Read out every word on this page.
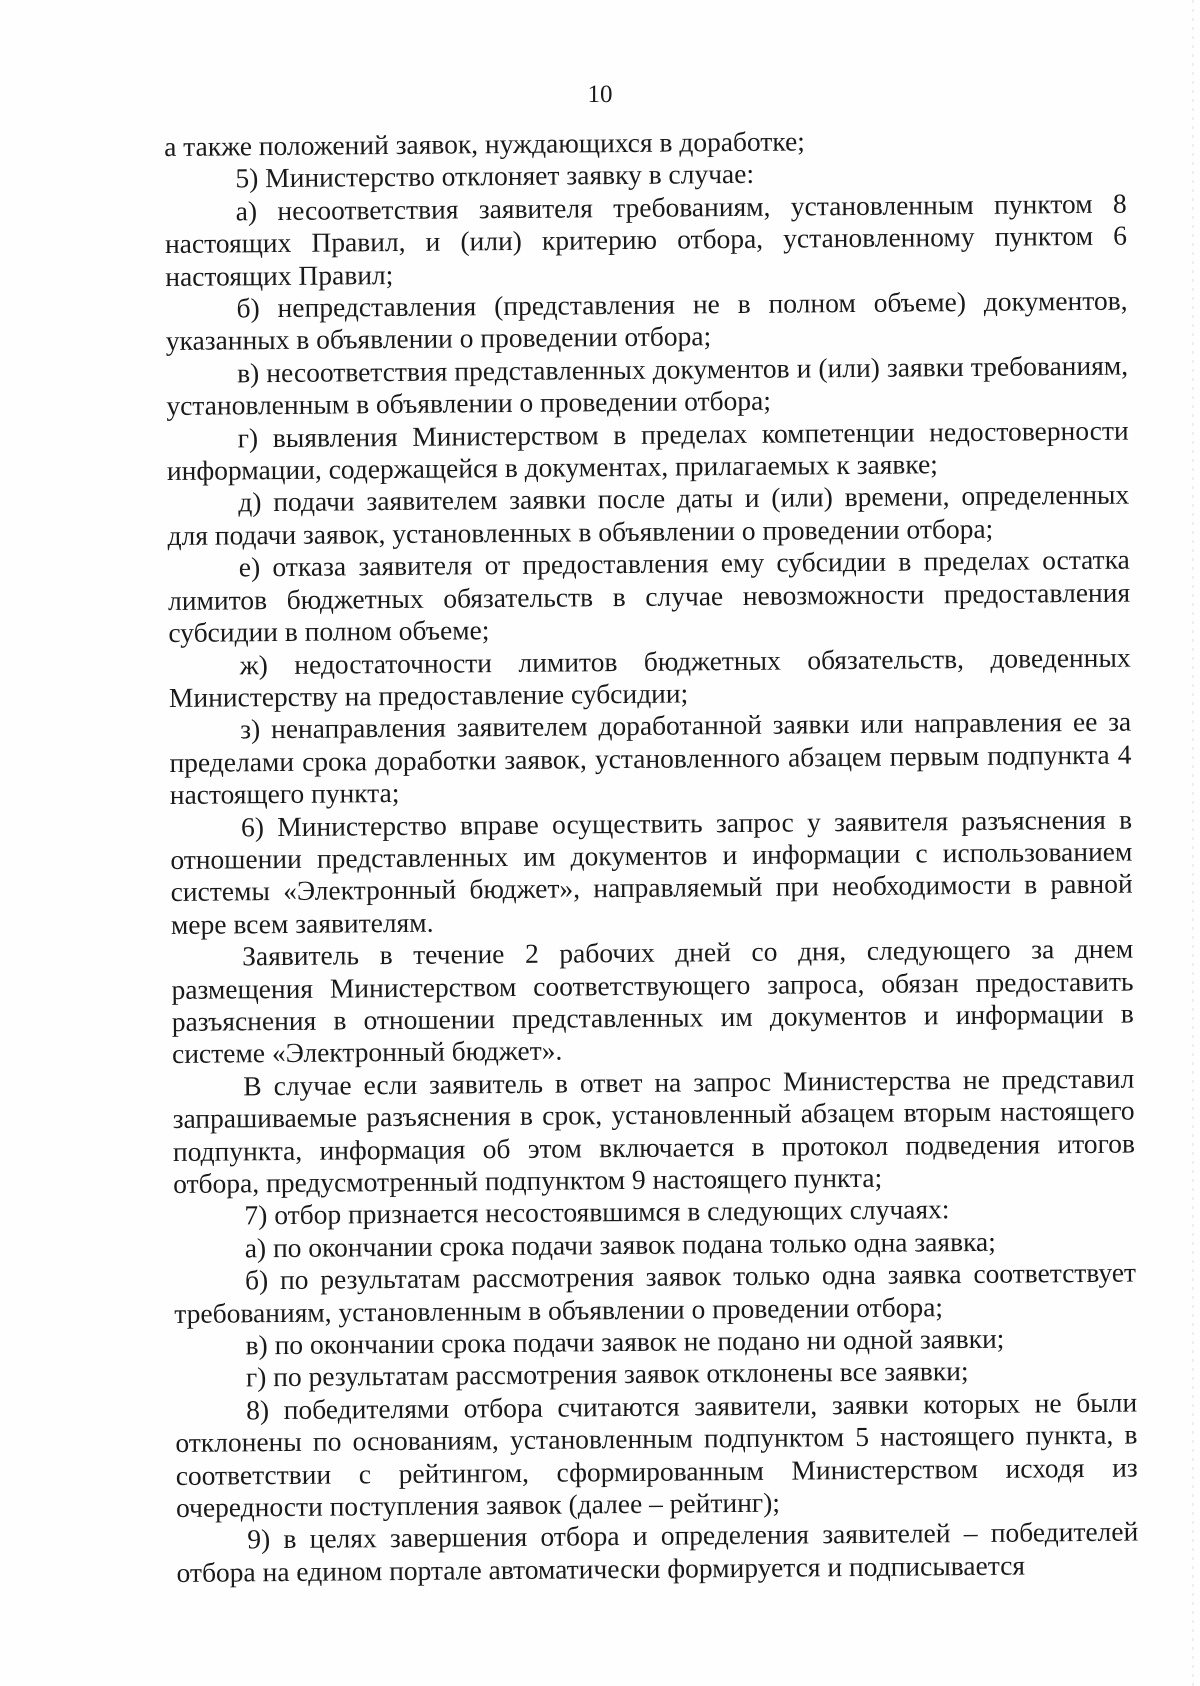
10

а также положений заявок, нуждающихся в доработке;

5) Министерство отклоняет заявку в случае:

а) несоответствия заявителя требованиям, установленным пунктом 8 настоящих Правил, и (или) критерию отбора, установленному пунктом 6 настоящих Правил;

б) непредставления (представления не в полном объеме) документов, указанных в объявлении о проведении отбора;

в) несоответствия представленных документов и (или) заявки требованиям, установленным в объявлении о проведении отбора;

г) выявления Министерством в пределах компетенции недостоверности информации, содержащейся в документах, прилагаемых к заявке;

д) подачи заявителем заявки после даты и (или) времени, определенных для подачи заявок, установленных в объявлении о проведении отбора;

е) отказа заявителя от предоставления ему субсидии в пределах остатка лимитов бюджетных обязательств в случае невозможности предоставления субсидии в полном объеме;

ж) недостаточности лимитов бюджетных обязательств, доведенных Министерству на предоставление субсидии;

з) ненаправления заявителем доработанной заявки или направления ее за пределами срока доработки заявок, установленного абзацем первым подпункта 4 настоящего пункта;

6) Министерство вправе осуществить запрос у заявителя разъяснения в отношении представленных им документов и информации с использованием системы «Электронный бюджет», направляемый при необходимости в равной мере всем заявителям.

Заявитель в течение 2 рабочих дней со дня, следующего за днем размещения Министерством соответствующего запроса, обязан предоставить разъяснения в отношении представленных им документов и информации в системе «Электронный бюджет».

В случае если заявитель в ответ на запрос Министерства не представил запрашиваемые разъяснения в срок, установленный абзацем вторым настоящего подпункта, информация об этом включается в протокол подведения итогов отбора, предусмотренный подпунктом 9 настоящего пункта;

7) отбор признается несостоявшимся в следующих случаях:

а) по окончании срока подачи заявок подана только одна заявка;

б) по результатам рассмотрения заявок только одна заявка соответствует требованиям, установленным в объявлении о проведении отбора;

в) по окончании срока подачи заявок не подано ни одной заявки;

г) по результатам рассмотрения заявок отклонены все заявки;

8) победителями отбора считаются заявители, заявки которых не были отклонены по основаниям, установленным подпунктом 5 настоящего пункта, в соответствии с рейтингом, сформированным Министерством исходя из очередности поступления заявок (далее – рейтинг);

9) в целях завершения отбора и определения заявителей – победителей отбора на едином портале автоматически формируется и подписывается
